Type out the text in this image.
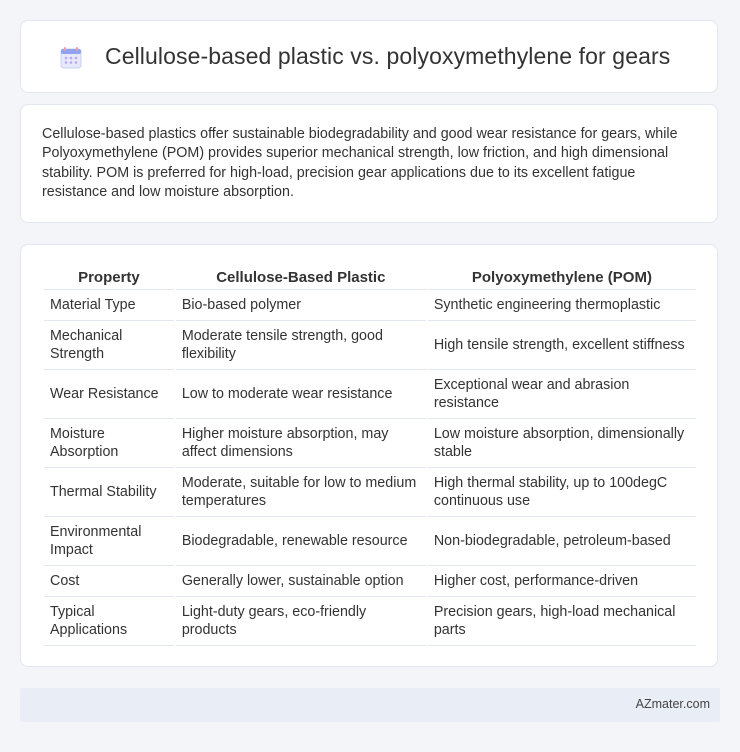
Cellulose-based plastic vs. polyoxymethylene for gears

Cellulose-based plastics offer sustainable biodegradability and good wear resistance for gears, while Polyoxymethylene (POM) provides superior mechanical strength, low friction, and high dimensional stability. POM is preferred for high-load, precision gear applications due to its excellent fatigue resistance and low moisture absorption.

Property	Cellulose-Based Plastic	Polyoxymethylene (POM)
Material Type	Bio-based polymer	Synthetic engineering thermoplastic
Mechanical Strength	Moderate tensile strength, good flexibility	High tensile strength, excellent stiffness
Wear Resistance	Low to moderate wear resistance	Exceptional wear and abrasion resistance
Moisture Absorption	Higher moisture absorption, may affect dimensions	Low moisture absorption, dimensionally stable
Thermal Stability	Moderate, suitable for low to medium temperatures	High thermal stability, up to 100degC continuous use
Environmental Impact	Biodegradable, renewable resource	Non-biodegradable, petroleum-based
Cost	Generally lower, sustainable option	Higher cost, performance-driven
Typical Applications	Light-duty gears, eco-friendly products	Precision gears, high-load mechanical parts
AZmater.com
